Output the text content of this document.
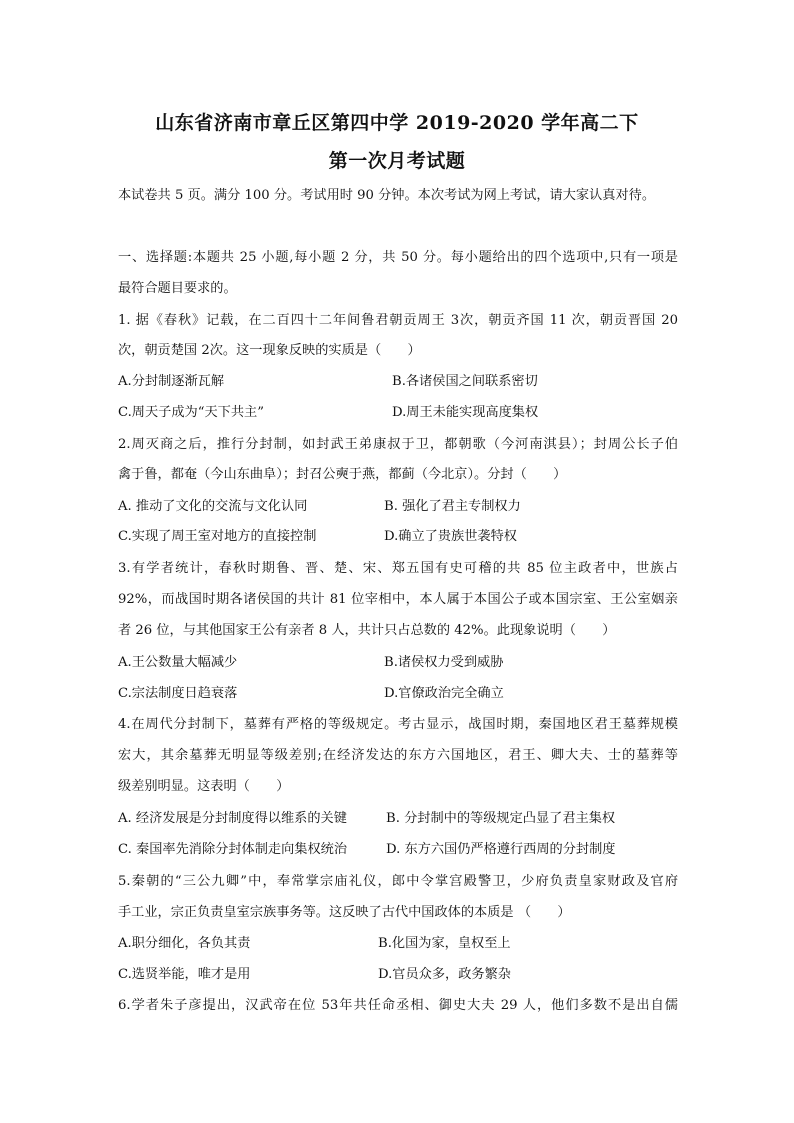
山东省济南市章丘区第四中学 2019-2020 学年高二下
第一次月考试题
本试卷共 5 页。满分 100 分。考试用时 90 分钟。本次考试为网上考试，请大家认真对待。
一、选择题:本题共 25 小题,每小题 2 分，共 50 分。每小题给出的四个选项中,只有一项是
最符合题目要求的。
1. 据《春秋》记载，在二百四十二年间鲁君朝贡周王 3次，朝贡齐国 11 次，朝贡晋国 20
次，朝贡楚国 2次。这一现象反映的实质是（　　）
A.分封制逐渐瓦解	B.各诸侯国之间联系密切
C.周天子成为“天下共主”	D.周王未能实现高度集权
2.周灭商之后，推行分封制，如封武王弟康叔于卫，都朝歌（今河南淇县）；封周公长子伯
禽于鲁，都奄（今山东曲阜）；封召公奭于燕，都蓟（今北京）。分封（　　）
A. 推动了文化的交流与文化认同	B. 强化了君主专制权力
C.实现了周王室对地方的直接控制	D.确立了贵族世袭特权
3.有学者统计，春秋时期鲁、晋、楚、宋、郑五国有史可稽的共 85 位主政者中，世族占
92%，而战国时期各诸侯国的共计 81 位宰相中，本人属于本国公子或本国宗室、王公室姻亲
者 26 位，与其他国家王公有亲者 8 人，共计只占总数的 42%。此现象说明（　　）
A.王公数量大幅减少	B.诸侯权力受到威胁
C.宗法制度日趋衰落	D.官僚政治完全确立
4.在周代分封制下，墓葬有严格的等级规定。考古显示，战国时期，秦国地区君王墓葬规模
宏大，其余墓葬无明显等级差别;在经济发达的东方六国地区，君王、卿大夫、士的墓葬等
级差别明显。这表明（　　）
A. 经济发展是分封制度得以维系的关键	B. 分封制中的等级规定凸显了君主集权
C. 秦国率先消除分封体制走向集权统治	D. 东方六国仍严格遵行西周的分封制度
5.秦朝的“三公九卿”中，奉常掌宗庙礼仪，郎中令掌宫殿警卫，少府负责皇家财政及官府
手工业，宗正负责皇室宗族事务等。这反映了古代中国政体的本质是 （　　）
A.职分细化，各负其责	B.化国为家，皇权至上
C.选贤举能，唯才是用	D.官员众多，政务繁杂
6.学者朱子彦提出，汉武帝在位 53年共任命丞相、御史大夫 29 人，他们多数不是出自儒
